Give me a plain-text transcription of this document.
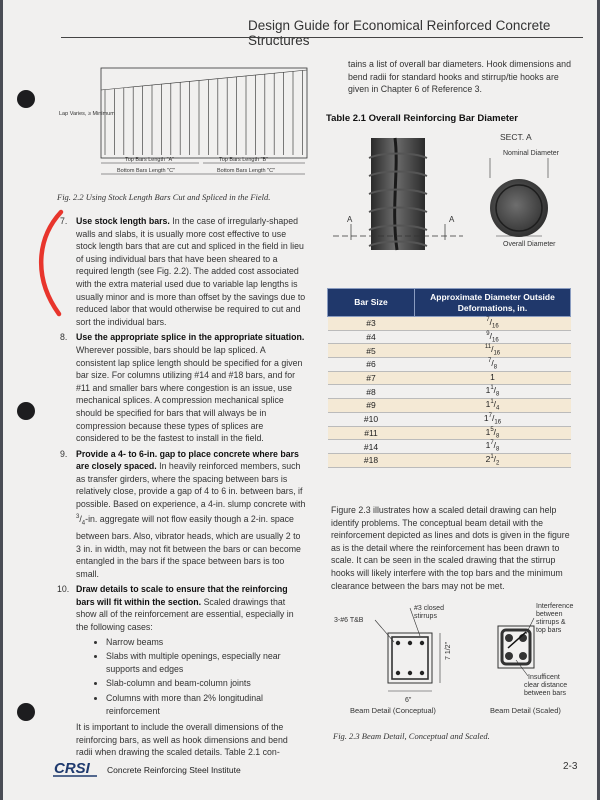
Design Guide for Economical Reinforced Concrete Structures
Lap Varies, ≥ Minimum
Top Bars Length "A"
Bottom Bars Length "C"
Top Bars Length "B"
Bottom Bars Length "C"
Fig. 2.2 Using Stock Length Bars Cut and Spliced in the Field.
7. Use stock length bars. In the case of irregularly-shaped walls and slabs, it is usually more cost effective to use stock length bars that are cut and spliced in the field in lieu of using individual bars that have been sheared to a required length (see Fig. 2.2). The added cost associated with the extra material used due to variable lap lengths is usually minor and is more than offset by the savings due to reduced labor that would otherwise be required to cut and sort the individual bars.

8. Use the appropriate splice in the appropriate situation. Wherever possible, bars should be lap spliced. A consistent lap splice length should be specified for a given bar size. For columns utilizing #14 and #18 bars, and for #11 and smaller bars where congestion is an issue, use mechanical splices. A compression mechanical splice should be specified for bars that will always be in compression because these types of splices are considered to be the fastest to install in the field.

9. Provide a 4- to 6-in. gap to place concrete where bars are closely spaced. In heavily reinforced members, such as transfer girders, where the spacing between bars is relatively close, provide a gap of 4 to 6 in. between bars, if possible. Based on experience, a 4-in. slump concrete with $^3/_4-in$. aggregate will not flow easily though a 2-in. space between bars. Also, vibrator heads, which are usually 2 to 3 in. in width, may not fit between the bars or can become entangled in the bars if the space between bars is too small.

10. Draw details to scale to ensure that the reinforcing bars will fit within the section. Scaled drawings that show all of the reinforcement are essential, especially in the following cases:

• Narrow beams
• Slabs with multiple openings, especially near supports and edges
• Slab-column and beam-column joints
• Columns with more than 2% longitudinal reinforcement

It is important to include the overall dimensions of the reinforcing bars, as well as hook dimensions and bend radii when drawing the scaled details. Table 2.1 con-

tains a list of overall bar diameters. Hook dimensions and bend radii for standard hooks and stirrup/tie hooks are given in Chapter 6 of Reference 3.
Table 2.1 Overall Reinforcing Bar Diameter
A	A
SECT. A
Nominal Diameter
Overall Diameter
Bar Size	Approximate Diameter Outside Deformations, in.
#3	$^7/_{16}$
#4	$^9/_{16}$
#5	$^{11}/_{16}$
#6	$^7/_8$
#7	1
#8	$1^1/_8$
#9	$1^1/_4$
#10	$1^7/_{16}$
#11	$1^5/_8$
#14	$1^7/_8$
#18	$2^1/_2$
Figure 2.3 illustrates how a scaled detail drawing can help identify problems. The conceptual beam detail with the reinforcement depicted as lines and dots is given in the figure as is the detail where the reinforcement has been drawn to scale. It can be seen in the scaled drawing that the stirrup hooks will likely interfere with the top bars and the minimum clearance between the bars may not be met.
3-#6 T&B
#3 closed
stirrups
7 1/2"
6"
Beam Detail (Conceptual)
Interference
between
stirrups &
top bars
Insufficent
clear distance
between bars
Beam Detail (Scaled)
Fig. 2.3 Beam Detail, Conceptual and Scaled.
CRSI Concrete Reinforcing Steel Institute	2-3
